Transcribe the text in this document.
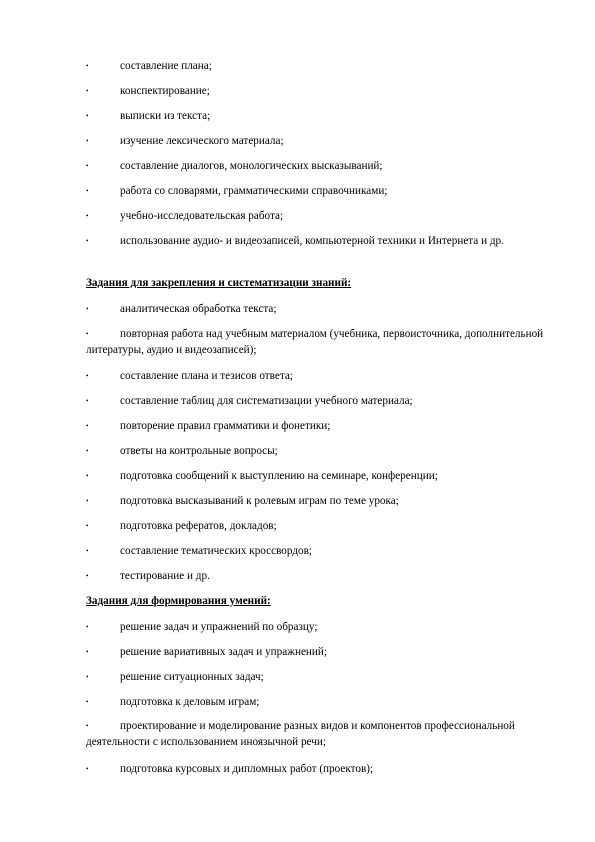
•	составление плана;
•	конспектирование;
•	выписки из текста;
•	изучение лексического материала;
•	составление диалогов, монологических высказываний;
•	работа со словарями, грамматическими справочниками;
•	учебно-исследовательская работа;
•	использование аудио- и видеозаписей, компьютерной техники и Интернета и др.
Задания для закрепления и систематизации знаний:
•	аналитическая обработка текста;
•	повторная работа над учебным материалом (учебника, первоисточника, дополнительной литературы, аудио и видеозаписей);
•	составление плана и тезисов ответа;
•	составление таблиц для систематизации учебного материала;
•	повторение правил грамматики и фонетики;
•	ответы на контрольные вопросы;
•	подготовка сообщений к выступлению на семинаре, конференции;
•	подготовка высказываний к ролевым играм по теме урока;
•	подготовка рефератов, докладов;
•	составление тематических кроссвордов;
•	тестирование и др.
Задания для формирования умений:
•	решение задач и упражнений по образцу;
•	решение вариативных задач и упражнений;
•	решение ситуационных задач;
•	подготовка к деловым играм;
•	проектирование и моделирование разных видов и компонентов профессиональной деятельности с использованием иноязычной речи;
•	подготовка курсовых и дипломных работ (проектов);
